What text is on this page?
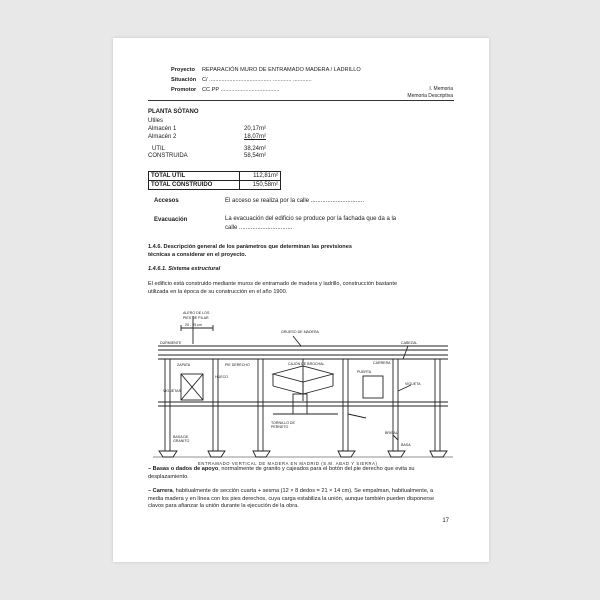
Proyecto REPARACIÓN MURO DE ENTRAMADO MADERA / LADRILLO
Situación C/ ........................................ ............ ............
Promotor CC PP ......................................	I. Memoria
Memoria Descriptiva
PLANTA SÓTANO
Utiles
Almacén 1	20,17m²
Almacén 2	18,07m²
UTIL	38,24m²
CONSTRUIDA	58,54m²
TOTAL UTIL	112,81m²
TOTAL CONSTRUIDO	150,58m²
Accesos	El acceso se realiza por la calle ................................
Evacuación	La evacuación del edificio se produce por la fachada que da a la
calle ................................
1.4.6. Descripción general de los parámetros que determinan las previsiones
técnicas a considerar en el proyecto.
1.4.6.1. Sistema estructural
El edificio está construido mediante muros de entramado de madera y ladrillo, construcción bastante
utilizada en la época de su construcción en el año 1900.
ALERO DE LOS
PIES DE PILAR
20 - 25 cm
DURMIENTE
GRUESO DE MADERA
CABEZAL
CARRERA
ZAPATA	PIE DERECHO	CAJÓN DE BROCHAL
PUERTA
HUECO
VIGUETAS
VIGUETA
TORNILLO DE
PERNETO
BRISAL
BASA
BASA DE
GRANITO
ENTRAMADO VERTICAL DE MADERA EN MADRID (S.M. ABAD Y SIERRA)
– Basas o dados de apoyo, normalmente de granito y cajeados para el botón del pie derecho que evita su desplazamiento.
– Carrera, habitualmente de sección cuarta + sesma (12 × 8 dedos = 21 × 14 cm). Se empalman, habitualmente, a media madera y en línea con los pies derechos, cuya carga estabiliza la unión, aunque también pueden disponerse clavos para afianzar la unión durante la ejecución de la obra.
17
